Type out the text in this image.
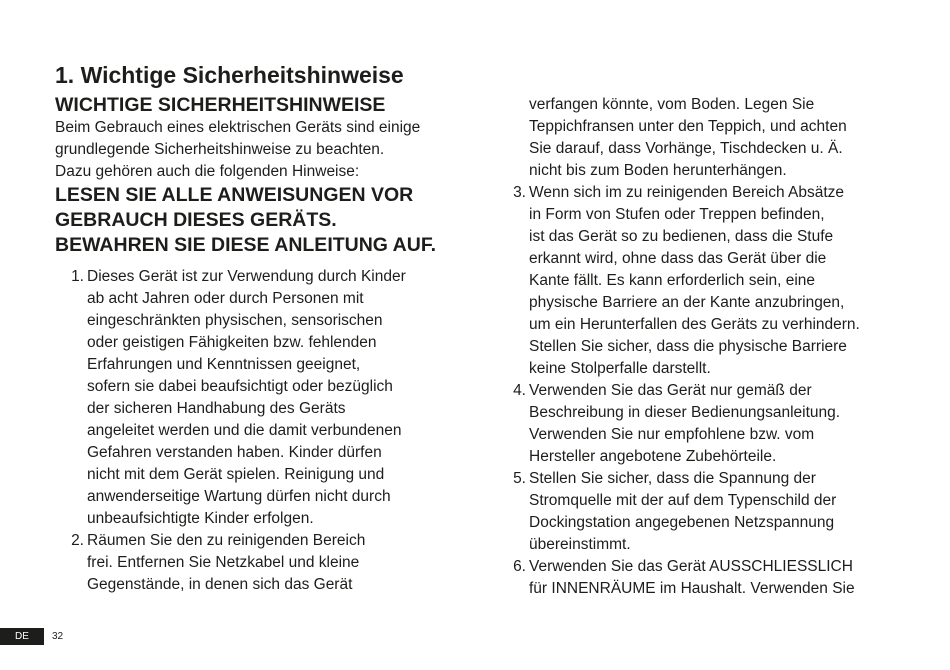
1. Wichtige Sicherheitshinweise
WICHTIGE SICHERHEITSHINWEISE

Beim Gebrauch eines elektrischen Geräts sind einige
grundlegende Sicherheitshinweise zu beachten.
Dazu gehören auch die folgenden Hinweise:

LESEN SIE ALLE ANWEISUNGEN VOR
GEBRAUCH DIESES GERÄTS.
BEWAHREN SIE DIESE ANLEITUNG AUF.

1. Dieses Gerät ist zur Verwendung durch Kinder
ab acht Jahren oder durch Personen mit
eingeschränkten physischen, sensorischen
oder geistigen Fähigkeiten bzw. fehlenden
Erfahrungen und Kenntnissen geeignet,
sofern sie dabei beaufsichtigt oder bezüglich
der sicheren Handhabung des Geräts
angeleitet werden und die damit verbundenen
Gefahren verstanden haben. Kinder dürfen
nicht mit dem Gerät spielen. Reinigung und
anwenderseitige Wartung dürfen nicht durch
unbeaufsichtigte Kinder erfolgen.
2. Räumen Sie den zu reinigenden Bereich
frei. Entfernen Sie Netzkabel und kleine
Gegenstände, in denen sich das Gerät
verfangen könnte, vom Boden. Legen Sie
Teppichfransen unter den Teppich, und achten
Sie darauf, dass Vorhänge, Tischdecken u. Ä.
nicht bis zum Boden herunterhängen.
3. Wenn sich im zu reinigenden Bereich Absätze
in Form von Stufen oder Treppen befinden,
ist das Gerät so zu bedienen, dass die Stufe
erkannt wird, ohne dass das Gerät über die
Kante fällt. Es kann erforderlich sein, eine
physische Barriere an der Kante anzubringen,
um ein Herunterfallen des Geräts zu verhindern.
Stellen Sie sicher, dass die physische Barriere
keine Stolperfalle darstellt.
4. Verwenden Sie das Gerät nur gemäß der
Beschreibung in dieser Bedienungsanleitung.
Verwenden Sie nur empfohlene bzw. vom
Hersteller angebotene Zubehörteile.
5. Stellen Sie sicher, dass die Spannung der
Stromquelle mit der auf dem Typenschild der
Dockingstation angegebenen Netzspannung
übereinstimmt.
6. Verwenden Sie das Gerät AUSSCHLIESSLICH
für INNENRÄUME im Haushalt. Verwenden Sie
DE	32
